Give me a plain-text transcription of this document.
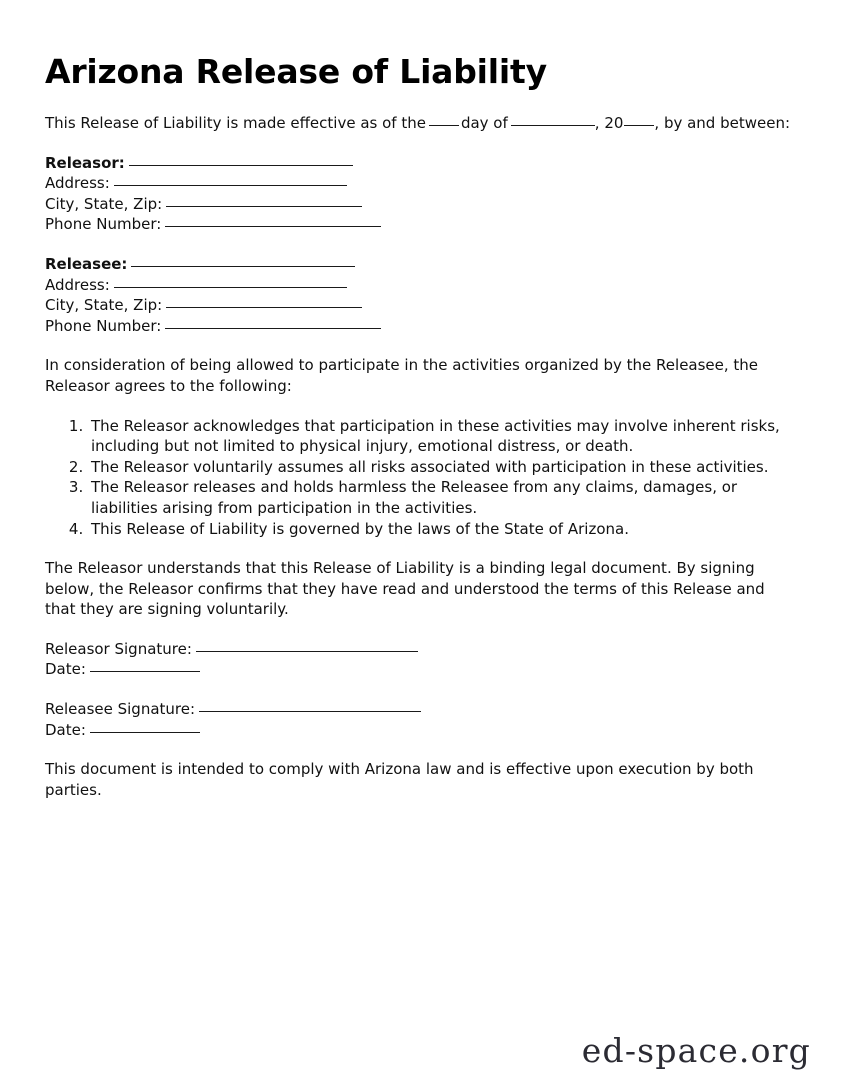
Arizona Release of Liability

This Release of Liability is made effective as of the day of	, 20 , by and between:

Releasor:
Address:
City, State, Zip:
Phone Number:
Releasee:
Address:
City, State, Zip:
Phone Number:

In consideration of being allowed to participate in the activities organized by the Releasee, the Releasor agrees to the following:

1. The Releasor acknowledges that participation in these activities may involve inherent risks, including but not limited to physical injury, emotional distress, or death.
2. The Releasor voluntarily assumes all risks associated with participation in these activities.
3. The Releasor releases and holds harmless the Releasee from any claims, damages, or liabilities arising from participation in the activities.
4. This Release of Liability is governed by the laws of the State of Arizona.

The Releasor understands that this Release of Liability is a binding legal document. By signing below, the Releasor confirms that they have read and understood the terms of this Release and that they are signing voluntarily.

Releasor Signature:
Date:
Releasee Signature:
Date:

This document is intended to comply with Arizona law and is effective upon execution by both parties.

ed-space.org
